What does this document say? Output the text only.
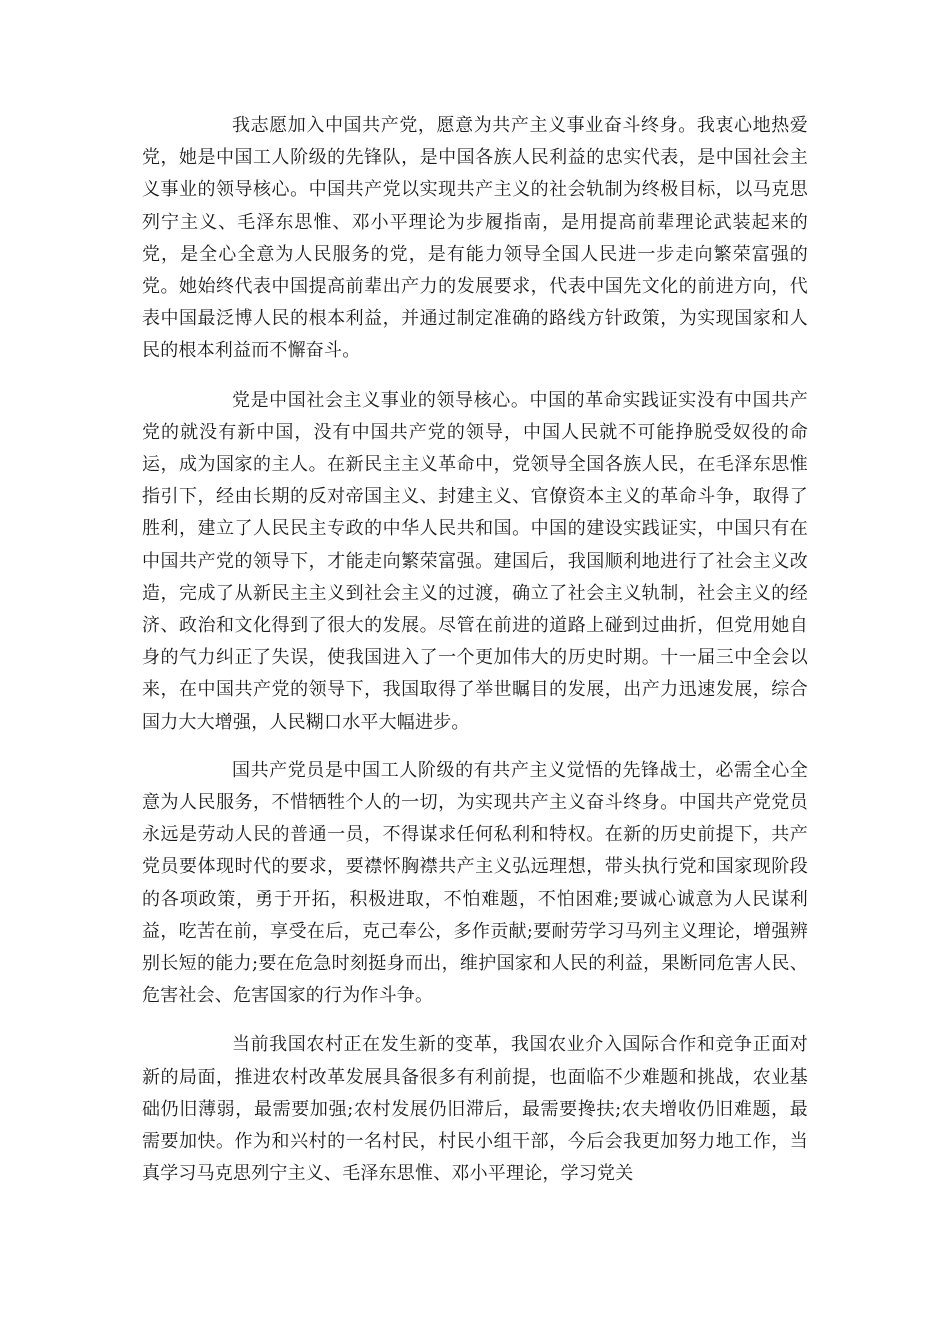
我志愿加入中国共产党，愿意为共产主义事业奋斗终身。我衷心地热爱党，她是中国工人阶级的先锋队，是中国各族人民利益的忠实代表，是中国社会主义事业的领导核心。中国共产党以实现共产主义的社会轨制为终极目标，以马克思列宁主义、毛泽东思惟、邓小平理论为步履指南，是用提高前辈理论武装起来的党，是全心全意为人民服务的党，是有能力领导全国人民进一步走向繁荣富强的党。她始终代表中国提高前辈出产力的发展要求，代表中国先文化的前进方向，代表中国最泛博人民的根本利益，并通过制定准确的路线方针政策，为实现国家和人民的根本利益而不懈奋斗。

党是中国社会主义事业的领导核心。中国的革命实践证实没有中国共产党的就没有新中国，没有中国共产党的领导，中国人民就不可能挣脱受奴役的命运，成为国家的主人。在新民主主义革命中，党领导全国各族人民，在毛泽东思惟指引下，经由长期的反对帝国主义、封建主义、官僚资本主义的革命斗争，取得了胜利，建立了人民民主专政的中华人民共和国。中国的建设实践证实，中国只有在中国共产党的领导下，才能走向繁荣富强。建国后，我国顺利地进行了社会主义改造，完成了从新民主主义到社会主义的过渡，确立了社会主义轨制，社会主义的经济、政治和文化得到了很大的发展。尽管在前进的道路上碰到过曲折，但党用她自身的气力纠正了失误，使我国进入了一个更加伟大的历史时期。十一届三中全会以来，在中国共产党的领导下，我国取得了举世瞩目的发展，出产力迅速发展，综合国力大大增强，人民糊口水平大幅进步。

国共产党员是中国工人阶级的有共产主义觉悟的先锋战士，必需全心全意为人民服务，不惜牺牲个人的一切，为实现共产主义奋斗终身。中国共产党党员永远是劳动人民的普通一员，不得谋求任何私利和特权。在新的历史前提下，共产党员要体现时代的要求，要襟怀胸襟共产主义弘远理想，带头执行党和国家现阶段的各项政策，勇于开拓，积极进取，不怕难题，不怕困难;要诚心诚意为人民谋利益，吃苦在前，享受在后，克己奉公，多作贡献;要耐劳学习马列主义理论，增强辨别长短的能力;要在危急时刻挺身而出，维护国家和人民的利益，果断同危害人民、危害社会、危害国家的行为作斗争。

当前我国农村正在发生新的变革，我国农业介入国际合作和竞争正面对新的局面，推进农村改革发展具备很多有利前提，也面临不少难题和挑战，农业基础仍旧薄弱，最需要加强;农村发展仍旧滞后，最需要搀扶;农夫增收仍旧难题，最需要加快。作为和兴村的一名村民，村民小组干部，今后会我更加努力地工作，当真学习马克思列宁主义、毛泽东思惟、邓小平理论，学习党关
